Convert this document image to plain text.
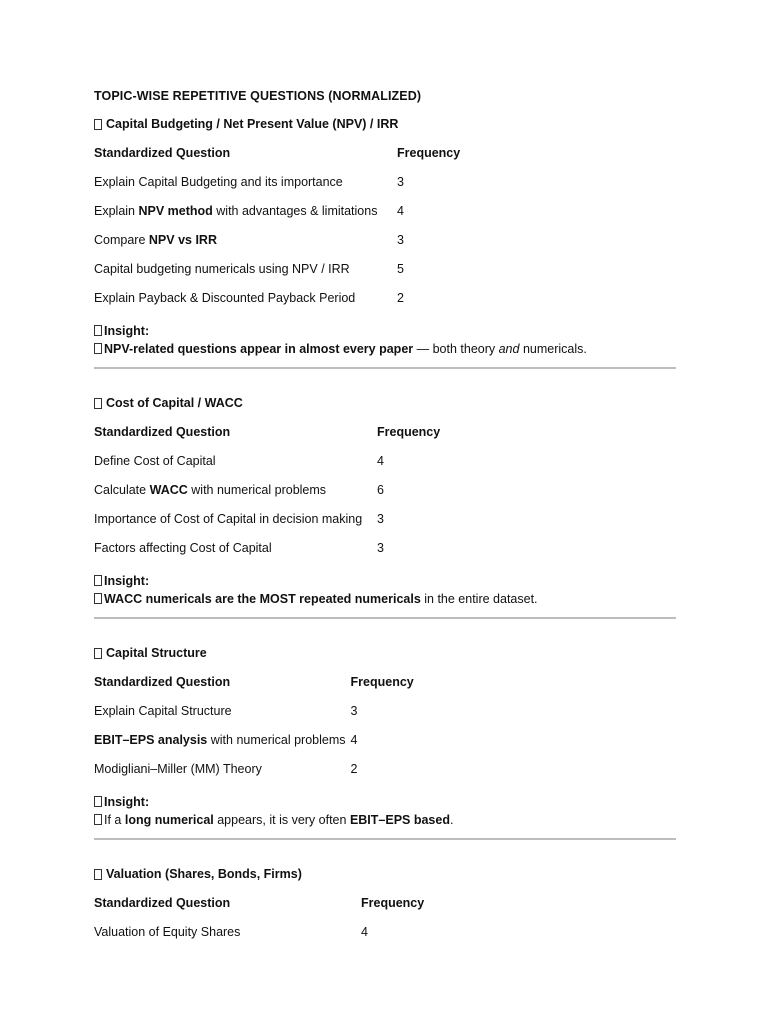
TOPIC-WISE REPETITIVE QUESTIONS (NORMALIZED)
Capital Budgeting / Net Present Value (NPV) / IRR
Standardized Question	Frequency
Explain Capital Budgeting and its importance	3
Explain NPV method with advantages & limitations	4
Compare NPV vs IRR	3
Capital budgeting numericals using NPV / IRR	5
Explain Payback & Discounted Payback Period	2
Insight:
NPV-related questions appear in almost every paper — both theory and numericals.
Cost of Capital / WACC
Standardized Question	Frequency
Define Cost of Capital	4
Calculate WACC with numerical problems	6
Importance of Cost of Capital in decision making	3
Factors affecting Cost of Capital	3
Insight:
WACC numericals are the MOST repeated numericals in the entire dataset.
Capital Structure
Standardized Question	Frequency
Explain Capital Structure	3
EBIT–EPS analysis with numerical problems	4
Modigliani–Miller (MM) Theory	2
Insight:
If a long numerical appears, it is very often EBIT–EPS based.
Valuation (Shares, Bonds, Firms)
Standardized Question	Frequency
Valuation of Equity Shares	4
